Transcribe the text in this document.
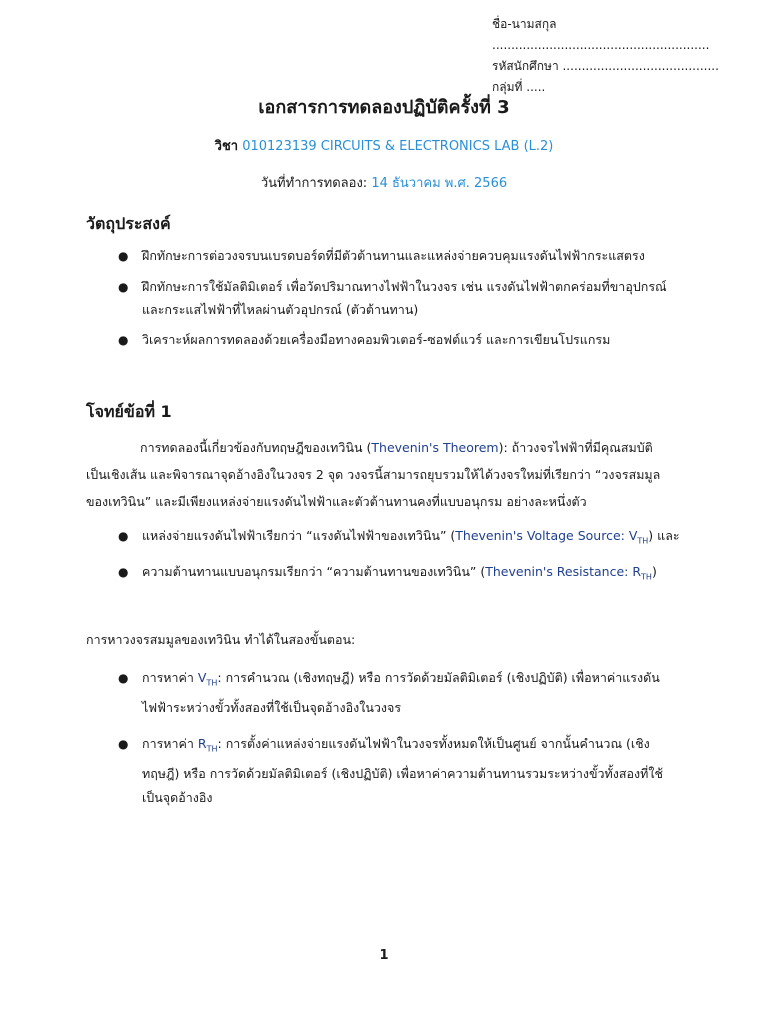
ชื่อ-นามสกุล .........................................................
รหัสนักศึกษา ......................................... กลุ่มที่ .....
เอกสารการทดลองปฏิบัติครั้งที่ 3
วิชา 010123139 CIRCUITS & ELECTRONICS LAB (L.2)
วันที่ทำการทดลอง: 14 ธันวาคม พ.ศ. 2566
วัตถุประสงค์
● ฝึกทักษะการต่อวงจรบนเบรดบอร์ดที่มีตัวต้านทานและแหล่งจ่ายควบคุมแรงดันไฟฟ้ากระแสตรง
● ฝึกทักษะการใช้มัลติมิเตอร์ เพื่อวัดปริมาณทางไฟฟ้าในวงจร เช่น แรงดันไฟฟ้าตกคร่อมที่ขาอุปกรณ์
และกระแสไฟฟ้าที่ไหลผ่านตัวอุปกรณ์ (ตัวต้านทาน)
● วิเคราะห์ผลการทดลองด้วยเครื่องมือทางคอมพิวเตอร์-ซอฟต์แวร์ และการเขียนโปรแกรม
โจทย์ข้อที่ 1

การทดลองนี้เกี่ยวข้องกับทฤษฎีของเทวินิน (Thevenin's Theorem): ถ้าวงจรไฟฟ้าที่มีคุณสมบัติ

เป็นเชิงเส้น และพิจารณาจุดอ้างอิงในวงจร 2 จุด วงจรนี้สามารถยุบรวมให้ได้วงจรใหม่ที่เรียกว่า “วงจรสมมูล
ของเทวินิน” และมีเพียงแหล่งจ่ายแรงดันไฟฟ้าและตัวต้านทานคงที่แบบอนุกรม อย่างละหนึ่งตัว
● แหล่งจ่ายแรงดันไฟฟ้าเรียกว่า “แรงดันไฟฟ้าของเทวินิน” (Thevenin's Voltage Source: $V_{TH}$) และ
● ความต้านทานแบบอนุกรมเรียกว่า “ความต้านทานของเทวินิน” (Thevenin's Resistance: $R_{TH}$)
การหาวงจรสมมูลของเทวินิน ทำได้ในสองขั้นตอน:
● การหาค่า $V_{TH}$: การคำนวณ (เชิงทฤษฎี) หรือ การวัดด้วยมัลติมิเตอร์ (เชิงปฏิบัติ) เพื่อหาค่าแรงดัน
ไฟฟ้าระหว่างขั้วทั้งสองที่ใช้เป็นจุดอ้างอิงในวงจร
● การหาค่า $R_{TH}$: การตั้งค่าแหล่งจ่ายแรงดันไฟฟ้าในวงจรทั้งหมดให้เป็นศูนย์ จากนั้นคำนวณ (เชิง
ทฤษฎี) หรือ การวัดด้วยมัลติมิเตอร์ (เชิงปฏิบัติ) เพื่อหาค่าความต้านทานรวมระหว่างขั้วทั้งสองที่ใช้
เป็นจุดอ้างอิง
1
